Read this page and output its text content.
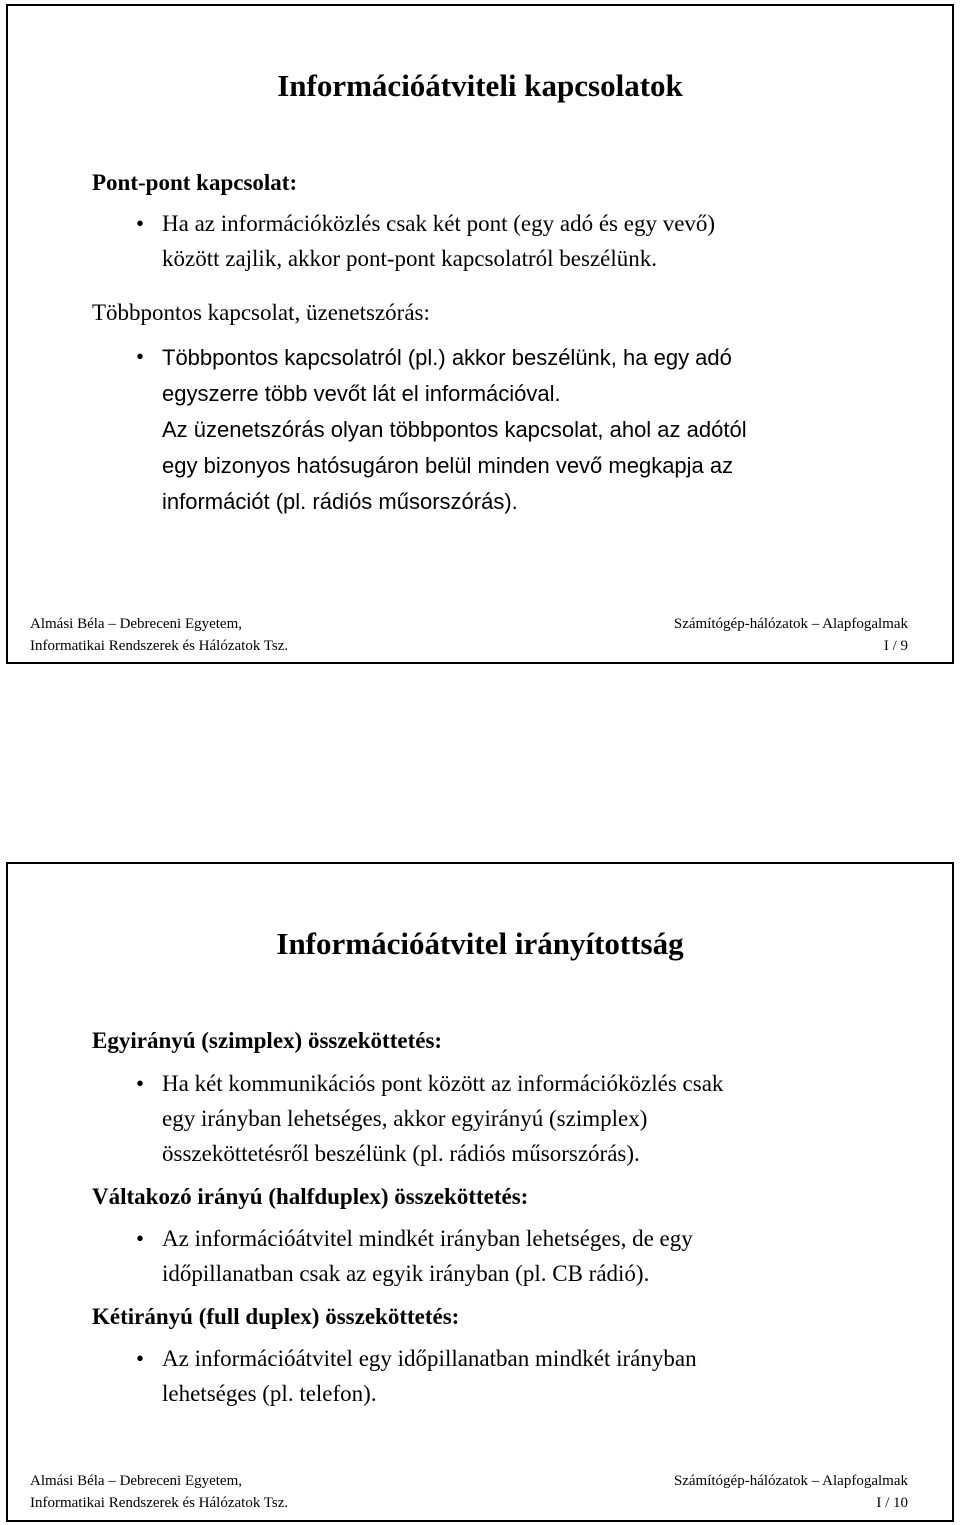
Információátviteli kapcsolatok
Pont-pont kapcsolat:
• Ha az információközlés csak két pont (egy adó és egy vevő)
között zajlik, akkor pont-pont kapcsolatról beszélünk.
Többpontos kapcsolat, üzenetszórás:
• Többpontos kapcsolatról (pl.) akkor beszélünk, ha egy adó
egyszerre több vevőt lát el információval.
Az üzenetszórás olyan többpontos kapcsolat, ahol az adótól
egy bizonyos hatósugáron belül minden vevő megkapja az
információt (pl. rádiós műsorszórás).
Almási Béla – Debreceni Egyetem,
Informatikai Rendszerek és Hálózatok Tsz.
Számítógép-hálózatok – Alapfogalmak
I / 9
Információátvitel irányítottság
Egyirányú (szimplex) összeköttetés:
• Ha két kommunikációs pont között az információközlés csak
egy irányban lehetséges, akkor egyirányú (szimplex)
összeköttetésről beszélünk (pl. rádiós műsorszórás).
Váltakozó irányú (halfduplex) összeköttetés:
• Az információátvitel mindkét irányban lehetséges, de egy
időpillanatban csak az egyik irányban (pl. CB rádió).
Kétirányú (full duplex) összeköttetés:
• Az információátvitel egy időpillanatban mindkét irányban
lehetséges (pl. telefon).
Almási Béla – Debreceni Egyetem,
Informatikai Rendszerek és Hálózatok Tsz.
Számítógép-hálózatok – Alapfogalmak
I / 10
